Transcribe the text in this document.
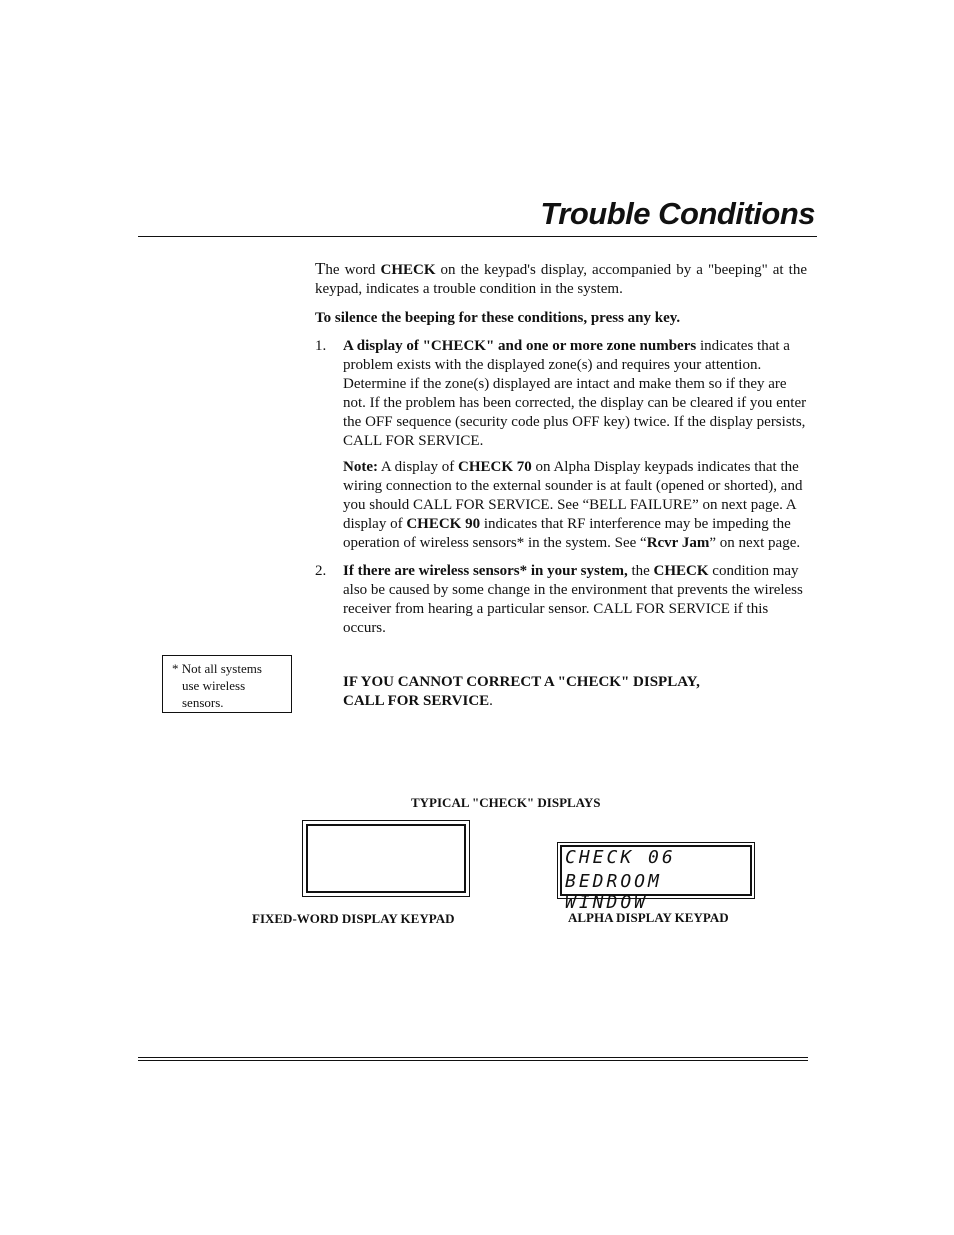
Trouble Conditions

The word CHECK on the keypad's display, accompanied by a "beeping" at the keypad, indicates a trouble condition in the system.

To silence the beeping for these conditions, press any key.

1.	A display of "CHECK" and one or more zone numbers indicates that a problem exists with the displayed zone(s) and requires your attention. Determine if the zone(s) displayed are intact and make them so if they are not. If the problem has been corrected, the display can be cleared if you enter the OFF sequence (security code plus OFF key) twice. If the display persists, CALL FOR SERVICE.
Note: A display of CHECK 70 on Alpha Display keypads indicates that the wiring connection to the external sounder is at fault (opened or shorted), and you should CALL FOR SERVICE. See “BELL FAILURE” on next page. A display of CHECK 90 indicates that RF interference may be impeding the operation of wireless sensors* in the system. See “Rcvr Jam” on next page.
2.	If there are wireless sensors* in your system, the CHECK condition may also be caused by some change in the environment that prevents the wireless receiver from hearing a particular sensor. CALL FOR SERVICE if this occurs.
IF YOU CANNOT CORRECT A "CHECK" DISPLAY,
CALL FOR SERVICE.
* Not all systems
use wireless
sensors.
TYPICAL "CHECK" DISPLAYS
CHECK 06
BEDROOM WINDOW
FIXED-WORD DISPLAY KEYPAD	ALPHA DISPLAY KEYPAD
